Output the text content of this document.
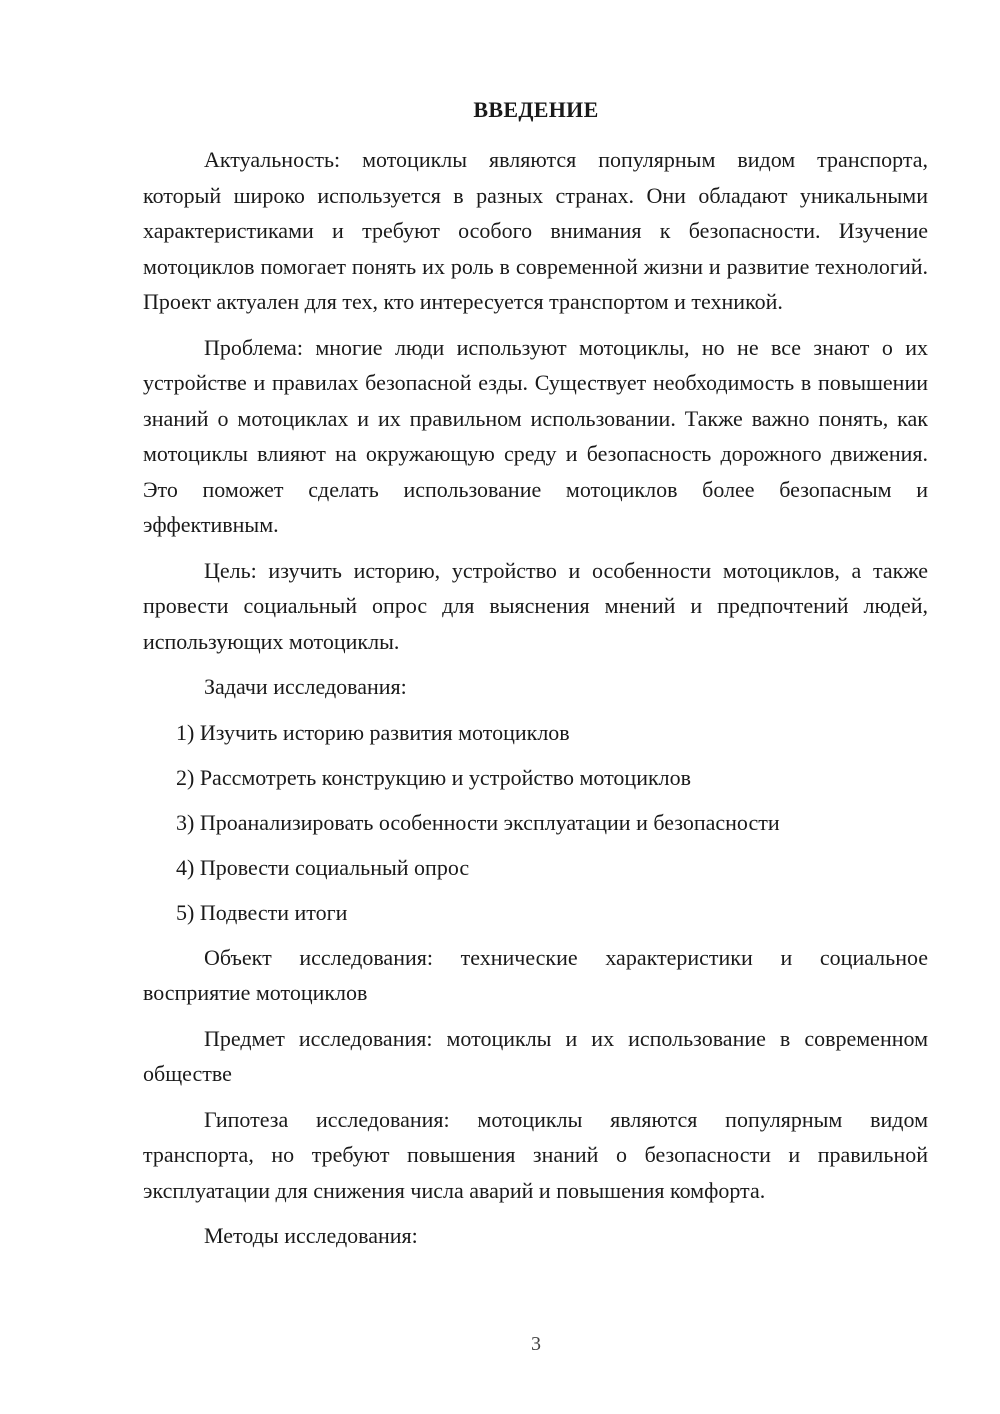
ВВЕДЕНИЕ

Актуальность: мотоциклы являются популярным видом транспорта, который широко используется в разных странах. Они обладают уникальными характеристиками и требуют особого внимания к безопасности. Изучение мотоциклов помогает понять их роль в современной жизни и развитие технологий. Проект актуален для тех, кто интересуется транспортом и техникой.

Проблема: многие люди используют мотоциклы, но не все знают о их устройстве и правилах безопасной езды. Существует необходимость в повышении знаний о мотоциклах и их правильном использовании. Также важно понять, как мотоциклы влияют на окружающую среду и безопасность дорожного движения. Это поможет сделать использование мотоциклов более безопасным и эффективным.

Цель: изучить историю, устройство и особенности мотоциклов, а также провести социальный опрос для выяснения мнений и предпочтений людей, использующих мотоциклы.

Задачи исследования:

1) Изучить историю развития мотоциклов

2) Рассмотреть конструкцию и устройство мотоциклов

3) Проанализировать особенности эксплуатации и безопасности

4) Провести социальный опрос

5) Подвести итоги

Объект исследования: технические характеристики и социальное восприятие мотоциклов

Предмет исследования: мотоциклы и их использование в современном обществе

Гипотеза исследования: мотоциклы являются популярным видом транспорта, но требуют повышения знаний о безопасности и правильной эксплуатации для снижения числа аварий и повышения комфорта.

Методы исследования:

3
